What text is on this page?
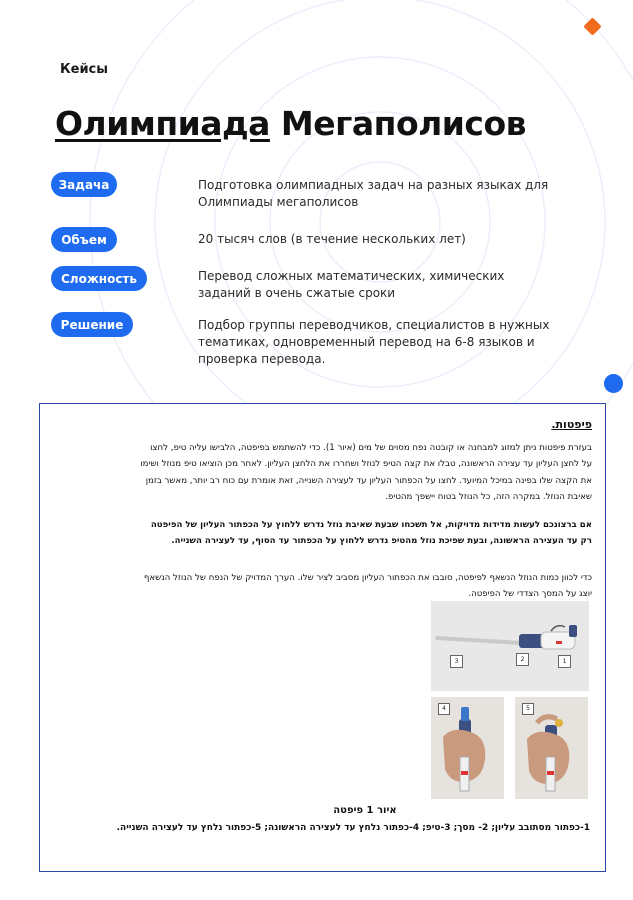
Кейсы
Олимпиада Мегаполисов
Задача	Подготовка олимпиадных задач на разных языках для Олимпиады мегаполисов
Объем	20 тысяч слов (в течение нескольких лет)
Сложность	Перевод сложных математических, химических заданий в очень сжатые сроки
Решение	Подбор группы переводчиков, специалистов в нужных тематиках, одновременный перевод на 6-8 языков и проверка перевода.
פיפטות.
בעזרת פיפטות ניתן למזוג למבחנה או קובטה נפח מסוים של מים (איור 1). כדי להשתמש בפיפטה, הלבישו עליה טיפ, לחצו על לחצן העליון עד עצירה הראשונה, טבלו את קצה הטיפ לנוזל ושחררו את הלחצן העליון. לאחר מכן הוציאו טיפ מנוזל ושימו את הקצה שלו בפינה במיכל המיועד. לחצו על הכפתור העליון עד לעצירה השנייה, זאת אומרת עם כוח רב יותר, מאשר בזמן שאיבת הנוזל. במקרה הזה, כל הנוזל בטוח יישפך מהטיפ.
אם ברצונכם לעשות מדידות מדויקות, אל תשכחו שבעת שאיבת נוזל נדרש ללחוץ על הכפתור העליון של הפיפטה רק עד העצירה הראשונה, ובעת שפיכת נוזל מהטיפ נדרש ללחוץ על הכפתור עד הסוף, עד לעצירה השנייה.
כדי לכוון כמות הנוזל הנשאף לפיפטה, סובבו את הכפתור העליון מסביב לציר שלו. הערך המדויק של הנפח של הנוזל הנשאף יוצג על המסך הצדדי של הפיפטה.
3	2	1
4	5
איור 1 פיפטה
1-כפתור מסתובב עליון; 2- מסך; 3-טיפ; 4-כפתור נלחץ עד לעצירה הראשונה; 5-כפתור נלחץ עד לעצירה השנייה.
